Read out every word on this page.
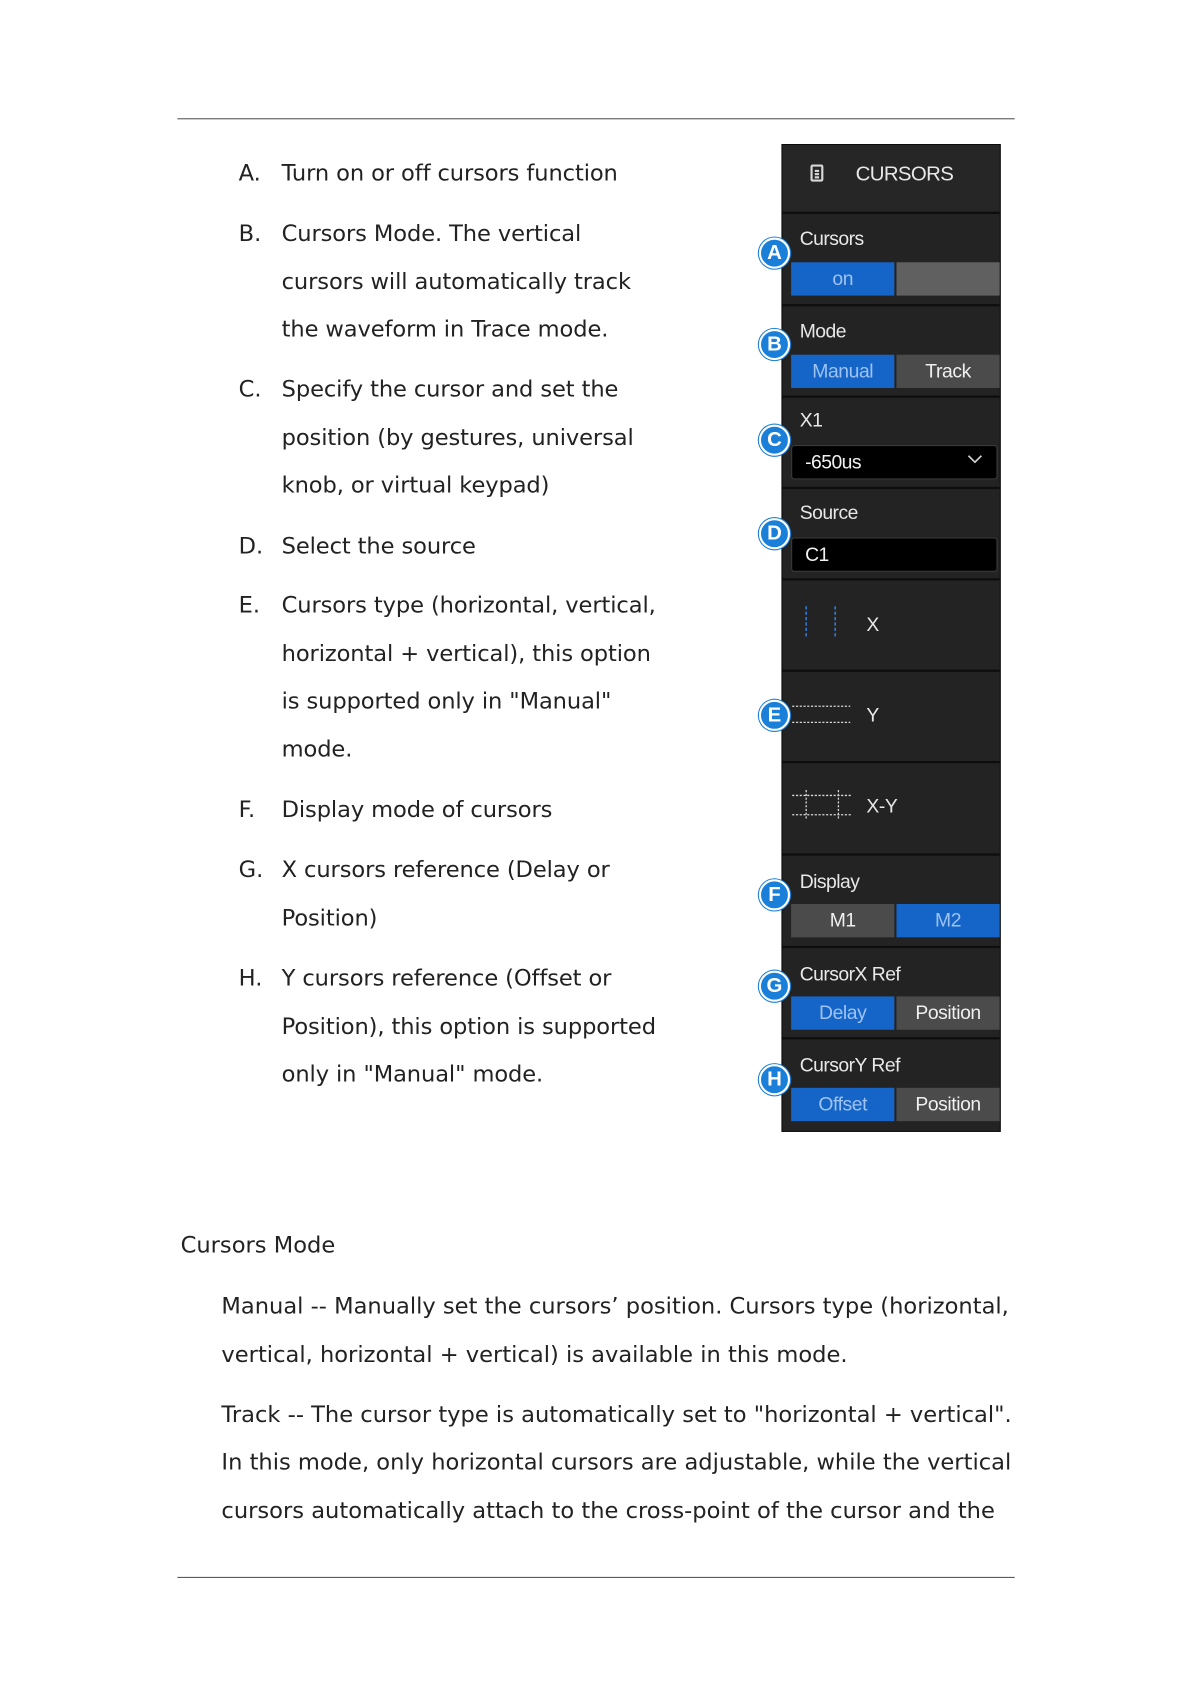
A. Turn on or off cursors function
B. Cursors Mode. The vertical
cursors will automatically track
the waveform in Trace mode.
C. Specify the cursor and set the
position (by gestures, universal
knob, or virtual keypad)
D. Select the source
E. Cursors type (horizontal, vertical,
horizontal + vertical), this option
is supported only in "Manual"
mode.
F. Display mode of cursors
G. X cursors reference (Delay or
Position)
H. Y cursors reference (Offset or
Position), this option is supported
only in "Manual" mode.
CURSORS
Cursors
on
Mode
Manual	Track
X1
-650us
Source
C1
X
Y
X-Y
Display
M1	M2
CursorX Ref
Delay	Position
CursorY Ref
Offset	Position
A
B
C
D
E
F
G
H
Cursors Mode
Manual -- Manually set the cursors’ position. Cursors type (horizontal,
vertical, horizontal + vertical) is available in this mode.
Track -- The cursor type is automatically set to "horizontal + vertical".
In this mode, only horizontal cursors are adjustable, while the vertical
cursors automatically attach to the cross-point of the cursor and the
